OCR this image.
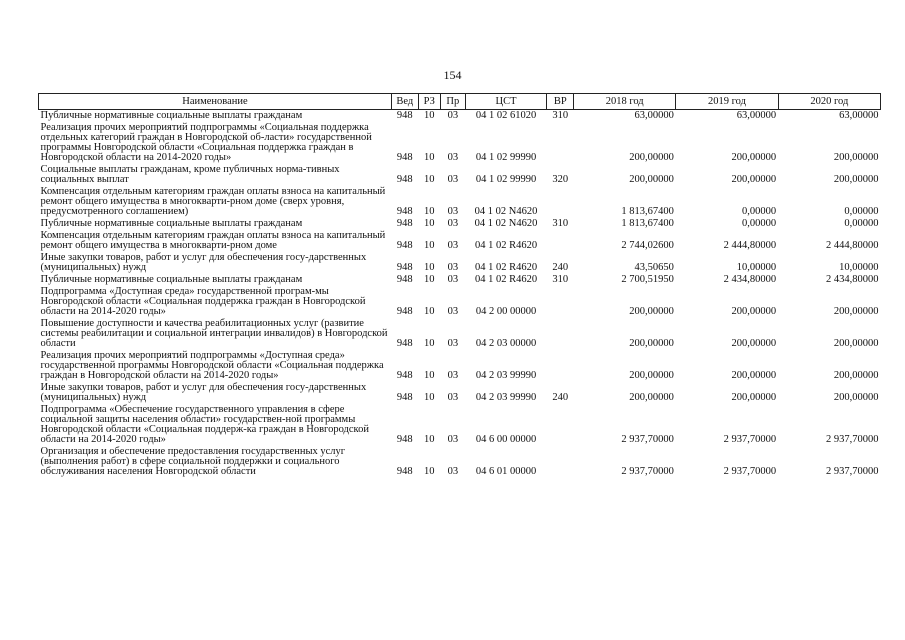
154
Наименование	Вед	РЗ	Пр	ЦСТ	ВР	2018 год	2019 год	2020 год
Публичные нормативные социальные выплаты гражданам	948	10	03	04 1 02 61020	310	63,00000	63,00000	63,00000
Реализация прочих мероприятий подпрограммы «Социальная поддержка отдельных категорий граждан в Новгородской об-ласти» государственной программы Новгородской области «Социальная поддержка граждан в Новгородской области на 2014-2020 годы»	948	10	03	04 1 02 99990		200,00000	200,00000	200,00000
Социальные выплаты гражданам, кроме публичных норма-тивных социальных выплат	948	10	03	04 1 02 99990	320	200,00000	200,00000	200,00000
Компенсация отдельным категориям граждан оплаты взноса на капитальный ремонт общего имущества в многокварти-рном доме (сверх уровня, предусмотренного соглашением)	948	10	03	04 1 02 N4620		1 813,67400	0,00000	0,00000
Публичные нормативные социальные выплаты гражданам	948	10	03	04 1 02 N4620	310	1 813,67400	0,00000	0,00000
Компенсация отдельным категориям граждан оплаты взноса на капитальный ремонт общего имущества в многокварти-рном доме	948	10	03	04 1 02 R4620		2 744,02600	2 444,80000	2 444,80000
Иные закупки товаров, работ и услуг для обеспечения госу-дарственных (муниципальных) нужд	948	10	03	04 1 02 R4620	240	43,50650	10,00000	10,00000
Публичные нормативные социальные выплаты гражданам	948	10	03	04 1 02 R4620	310	2 700,51950	2 434,80000	2 434,80000
Подпрограмма «Доступная среда» государственной програм-мы Новгородской области «Социальная поддержка граждан в Новгородской области на 2014-2020 годы»	948	10	03	04 2 00 00000		200,00000	200,00000	200,00000
Повышение доступности и качества реабилитационных услуг (развитие системы реабилитации и социальной интеграции инвалидов) в Новгородской области	948	10	03	04 2 03 00000		200,00000	200,00000	200,00000
Реализация прочих мероприятий подпрограммы «Доступная среда» государственной программы Новгородской области «Социальная поддержка граждан в Новгородской области на 2014-2020 годы»	948	10	03	04 2 03 99990		200,00000	200,00000	200,00000
Иные закупки товаров, работ и услуг для обеспечения госу-дарственных (муниципальных) нужд	948	10	03	04 2 03 99990	240	200,00000	200,00000	200,00000
Подпрограмма «Обеспечение государственного управления в сфере социальной защиты населения области» государствен-ной программы Новгородской области «Социальная поддерж-ка граждан в Новгородской области на 2014-2020 годы»	948	10	03	04 6 00 00000		2 937,70000	2 937,70000	2 937,70000
Организация и обеспечение предоставления государственных услуг (выполнения работ) в сфере социальной поддержки и социального обслуживания населения Новгородской области	948	10	03	04 6 01 00000		2 937,70000	2 937,70000	2 937,70000
